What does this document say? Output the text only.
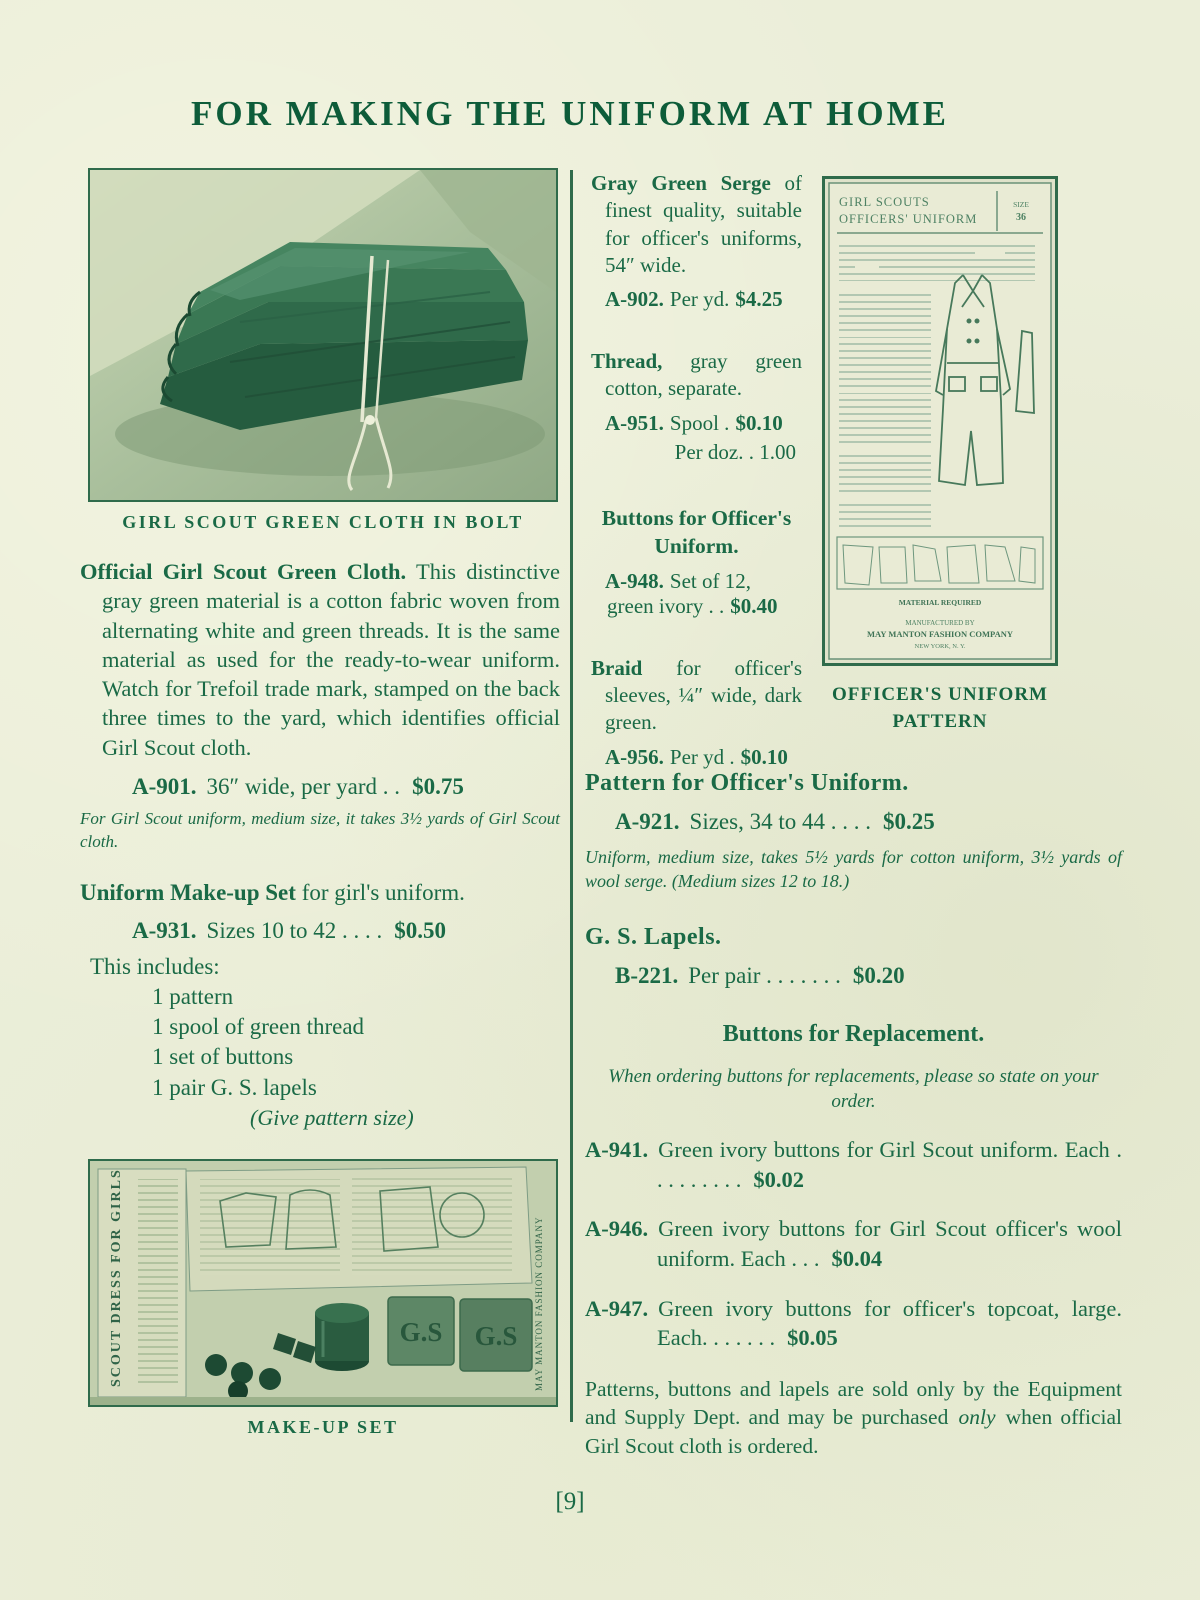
FOR MAKING THE UNIFORM AT HOME
GIRL SCOUT GREEN CLOTH IN BOLT

Official Girl Scout Green Cloth. This distinctive gray green material is a cotton fabric woven from alternating white and green threads. It is the same material as used for the ready-to-wear uniform. Watch for Trefoil trade mark, stamped on the back three times to the yard, which identifies official Girl Scout cloth.

A-901. 36″ wide, per yard . . $0.75

For Girl Scout uniform, medium size, it takes 3½ yards of Girl Scout cloth.

Uniform Make-up Set for girl's uniform.

A-931. Sizes 10 to 42 . . . . $0.50

This includes:

1 pattern
1 spool of green thread
1 set of buttons
1 pair G. S. lapels

(Give pattern size)

SCOUT DRESS FOR GIRLS	MAY MANTON FASHION COMPANY
G.S G.S
MAKE-UP SET

Gray Green Serge of finest quality, suitable for officer's uniforms, 54″ wide.

A-902. Per yd. $4.25

Thread, gray green cotton, separate.

A-951. Spool . $0.10

Per doz. . 1.00

Buttons for Officer's Uniform.

A-948. Set of 12, green ivory . . $0.40

Braid for officer's sleeves, ¼″ wide, dark green.

A-956. Per yd . $0.10

GIRL SCOUTS
OFFICERS' UNIFORM
SIZE
36
MATERIAL REQUIRED
MANUFACTURED BY
MAY MANTON FASHION COMPANY
NEW YORK, N. Y.
OFFICER'S UNIFORM
PATTERN

Pattern for Officer's Uniform.

A-921. Sizes, 34 to 44 . . . . $0.25

Uniform, medium size, takes 5½ yards for cotton uniform, 3½ yards of wool serge. (Medium sizes 12 to 18.)

G. S. Lapels.

B-221. Per pair . . . . . . . $0.20

Buttons for Replacement.

When ordering buttons for replacements, please so state on your order.

A-941. Green ivory buttons for Girl Scout uniform. Each . . . . . . . . . $0.02

A-946. Green ivory buttons for Girl Scout officer's wool uniform. Each . . . $0.04

A-947. Green ivory buttons for officer's topcoat, large. Each. . . . . . . $0.05

Patterns, buttons and lapels are sold only by the Equipment and Supply Dept. and may be purchased only when official Girl Scout cloth is ordered.

[9]
